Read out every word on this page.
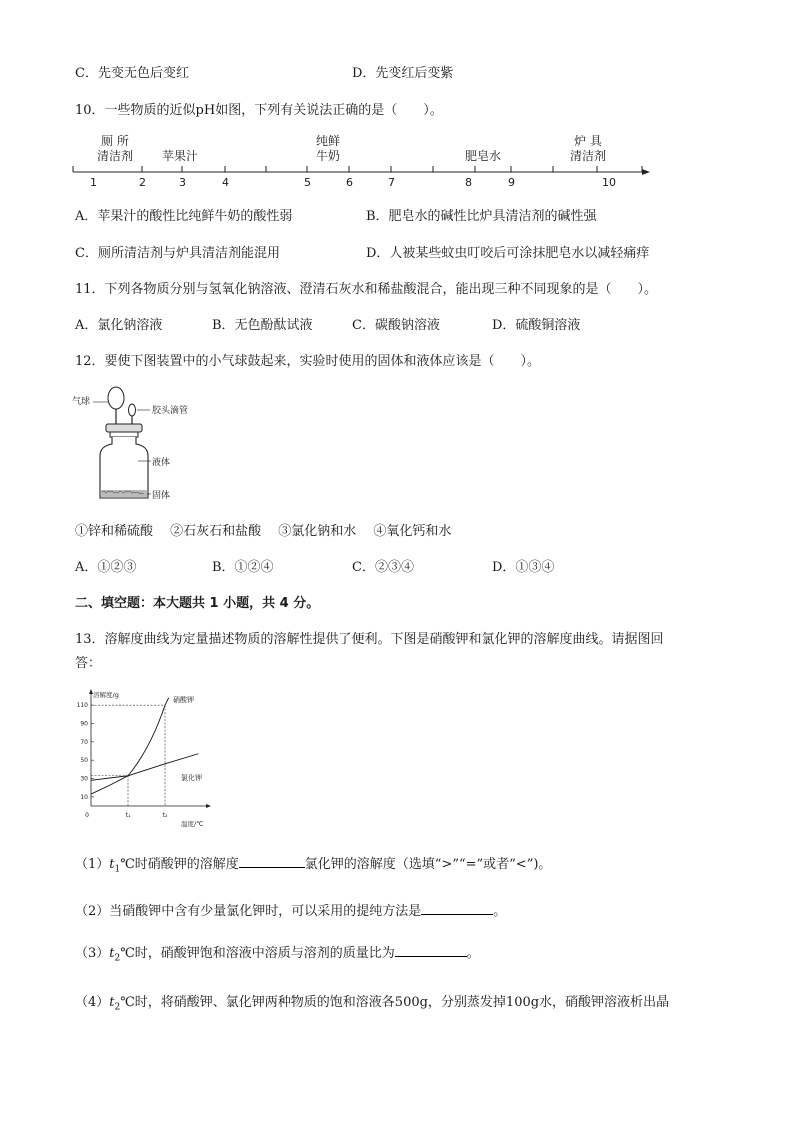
C．先变无色后变红	D．先变红后变紫
10．一些物质的近似pH如图，下列有关说法正确的是（　　）。
厕 所
清洁剂	苹果汁
纯鲜
牛奶	肥皂水
炉 具
清洁剂
1	2	3	4	5	6	7	8	9	10
A．苹果汁的酸性比纯鲜牛奶的酸性弱	B．肥皂水的碱性比炉具清洁剂的碱性强
C．厕所清洁剂与炉具清洁剂能混用	D．人被某些蚊虫叮咬后可涂抹肥皂水以减轻痛痒
11．下列各物质分别与氢氧化钠溶液、澄清石灰水和稀盐酸混合，能出现三种不同现象的是（　　）。
A．氯化钠溶液	B．无色酚酞试液	C．碳酸钠溶液	D．硫酸铜溶液
12．要使下图装置中的小气球鼓起来，实验时使用的固体和液体应该是（　　）。
气球
胶头滴管
液体
固体
①锌和稀硫酸　 ②石灰石和盐酸　 ③氯化钠和水　 ④氧化钙和水
A．①②③	B．①②④	C．②③④	D．①③④
二、填空题：本大题共 1 小题，共 4 分。
13．溶解度曲线为定量描述物质的溶解性提供了便利。下图是硝酸钾和氯化钾的溶解度曲线。请据图回
答：
10
30
50
70
90
110
0	t₁	t₂
溶解度/g
温度/℃
硝酸钾
氯化钾
$(1)t_1℃$时硝酸钾的溶解度	氯化钾的溶解度（选填“>”“=”或者“<”)。
（2）当硝酸钾中含有少量氯化钾时，可以采用的提纯方法是	。
$(3)t_2℃$时，硝酸钾饱和溶液中溶质与溶剂的质量比为	。
$(4)t_2℃$时，将硝酸钾、氯化钾两种物质的饱和溶液各500g，分别蒸发掉100g水，硝酸钾溶液析出晶
